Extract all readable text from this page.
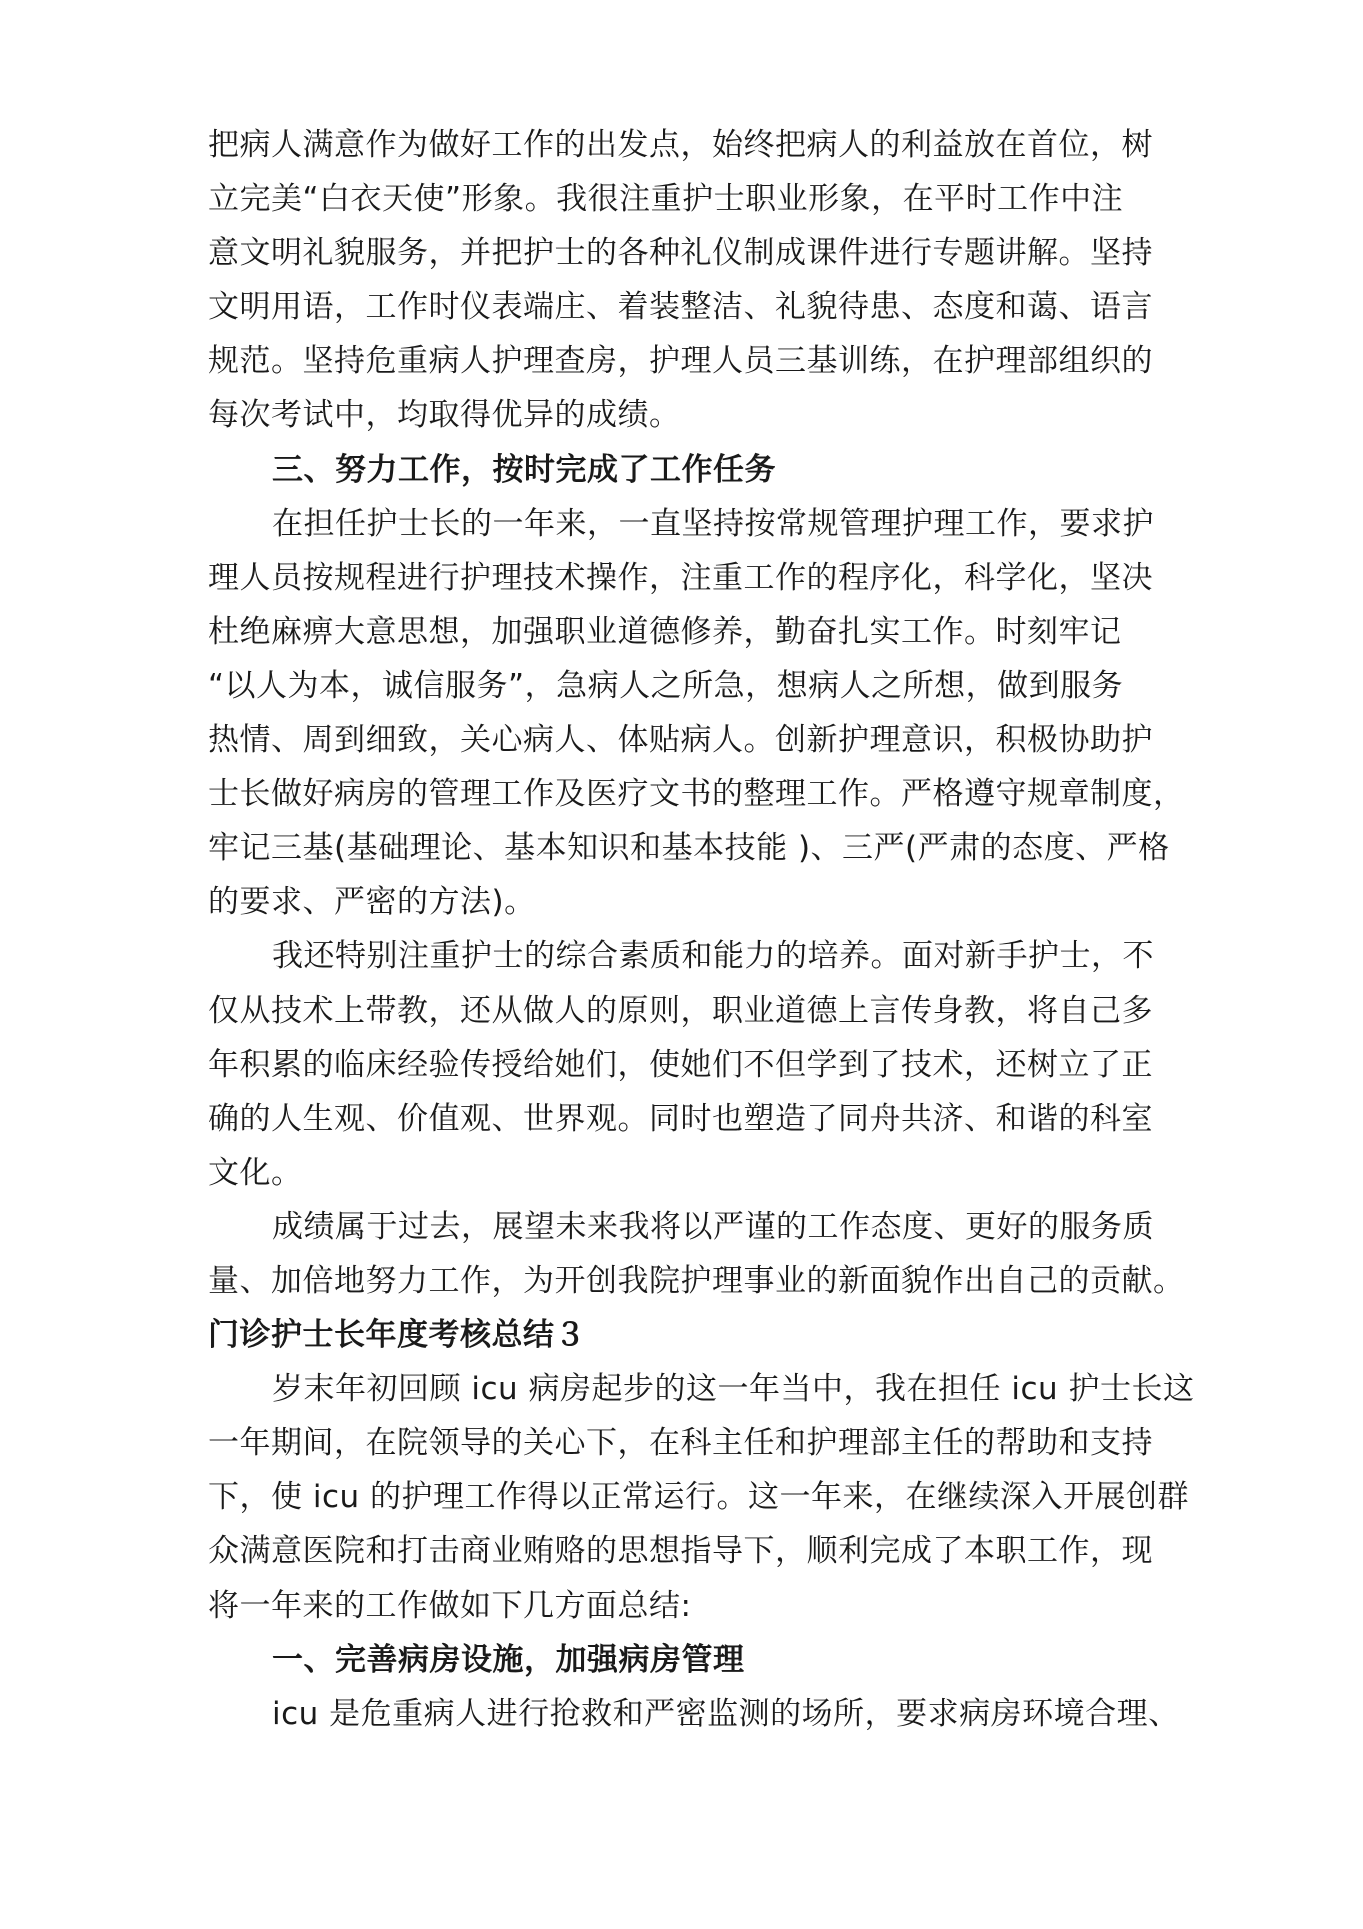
把病人满意作为做好工作的出发点，始终把病人的利益放在首位，树
立完美“白衣天使”形象。我很注重护士职业形象，在平时工作中注
意文明礼貌服务，并把护士的各种礼仪制成课件进行专题讲解。坚持
文明用语，工作时仪表端庄、着装整洁、礼貌待患、态度和蔼、语言
规范。坚持危重病人护理查房，护理人员三基训练，在护理部组织的
每次考试中，均取得优异的成绩。
三、努力工作，按时完成了工作任务
在担任护士长的一年来，一直坚持按常规管理护理工作，要求护
理人员按规程进行护理技术操作，注重工作的程序化，科学化，坚决
杜绝麻痹大意思想，加强职业道德修养，勤奋扎实工作。时刻牢记
“以人为本，诚信服务”，急病人之所急，想病人之所想，做到服务
热情、周到细致，关心病人、体贴病人。创新护理意识，积极协助护
士长做好病房的管理工作及医疗文书的整理工作。严格遵守规章制度，
牢记三基(基础理论、基本知识和基本技能 )、三严(严肃的态度、严格
的要求、严密的方法)。
我还特别注重护士的综合素质和能力的培养。面对新手护士，不
仅从技术上带教，还从做人的原则，职业道德上言传身教，将自己多
年积累的临床经验传授给她们，使她们不但学到了技术，还树立了正
确的人生观、价值观、世界观。同时也塑造了同舟共济、和谐的科室
文化。
成绩属于过去，展望未来我将以严谨的工作态度、更好的服务质
量、加倍地努力工作，为开创我院护理事业的新面貌作出自己的贡献。
门诊护士长年度考核总结３
岁末年初回顾 icu 病房起步的这一年当中，我在担任 icu 护士长这
一年期间，在院领导的关心下，在科主任和护理部主任的帮助和支持
下，使 icu 的护理工作得以正常运行。这一年来，在继续深入开展创群
众满意医院和打击商业贿赂的思想指导下，顺利完成了本职工作，现
将一年来的工作做如下几方面总结:
一、完善病房设施，加强病房管理
icu 是危重病人进行抢救和严密监测的场所，要求病房环境合理、
